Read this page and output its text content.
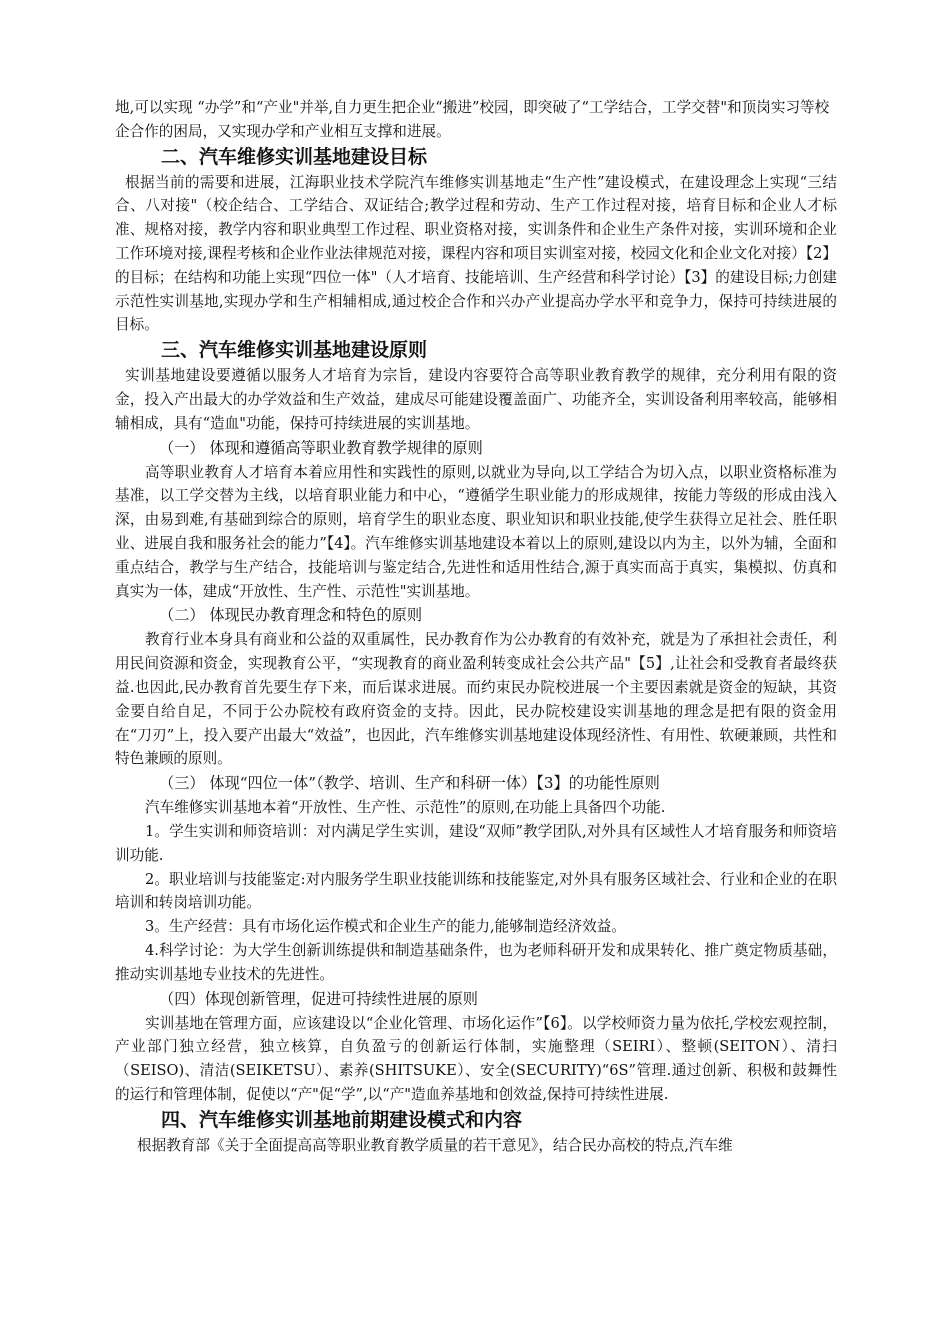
地,可以实现 “办学”和“产业"并举,自力更生把企业“搬进”校园，即突破了“工学结合，工学交替"和顶岗实习等校企合作的困局，又实现办学和产业相互支撑和进展。

二、汽车维修实训基地建设目标

根据当前的需要和进展，江海职业技术学院汽车维修实训基地走“生产性”建设模式，在建设理念上实现“三结合、八对接"（校企结合、工学结合、双证结合;教学过程和劳动、生产工作过程对接，培育目标和企业人才标准、规格对接，教学内容和职业典型工作过程、职业资格对接，实训条件和企业生产条件对接，实训环境和企业工作环境对接,课程考核和企业作业法律规范对接，课程内容和项目实训室对接，校园文化和企业文化对接）【2】的目标；在结构和功能上实现“四位一体"（人才培育、技能培训、生产经营和科学讨论）【3】的建设目标;力创建示范性实训基地,实现办学和生产相辅相成,通过校企合作和兴办产业提高办学水平和竞争力，保持可持续进展的目标。

三、汽车维修实训基地建设原则

实训基地建设要遵循以服务人才培育为宗旨，建设内容要符合高等职业教育教学的规律，充分利用有限的资金，投入产出最大的办学效益和生产效益，建成尽可能建设覆盖面广、功能齐全，实训设备利用率较高，能够相辅相成，具有“造血"功能，保持可持续进展的实训基地。

（一） 体现和遵循高等职业教育教学规律的原则

高等职业教育人才培育本着应用性和实践性的原则,以就业为导向,以工学结合为切入点，以职业资格标准为基准，以工学交替为主线，以培育职业能力和中心，“遵循学生职业能力的形成规律，按能力等级的形成由浅入深，由易到难,有基础到综合的原则，培育学生的职业态度、职业知识和职业技能,使学生获得立足社会、胜任职业、进展自我和服务社会的能力”【4】。汽车维修实训基地建设本着以上的原则,建设以内为主，以外为辅，全面和重点结合，教学与生产结合，技能培训与鉴定结合,先进性和适用性结合,源于真实而高于真实，集模拟、仿真和真实为一体，建成“开放性、生产性、示范性"实训基地。

（二） 体现民办教育理念和特色的原则

教育行业本身具有商业和公益的双重属性，民办教育作为公办教育的有效补充，就是为了承担社会责任，利用民间资源和资金，实现教育公平，“实现教育的商业盈利转变成社会公共产品"【5】,让社会和受教育者最终获益.也因此,民办教育首先要生存下来，而后谋求进展。而约束民办院校进展一个主要因素就是资金的短缺，其资金要自给自足，不同于公办院校有政府资金的支持。因此，民办院校建设实训基地的理念是把有限的资金用在“刀刃”上，投入要产出最大“效益”，也因此，汽车维修实训基地建设体现经济性、有用性、软硬兼顾，共性和特色兼顾的原则。

（三） 体现“四位一体”（教学、培训、生产和科研一体）【3】的功能性原则

汽车维修实训基地本着“开放性、生产性、示范性”的原则,在功能上具备四个功能.

1。学生实训和师资培训：对内满足学生实训，建设“双师”教学团队,对外具有区域性人才培育服务和师资培训功能.

2。职业培训与技能鉴定:对内服务学生职业技能训练和技能鉴定,对外具有服务区域社会、行业和企业的在职培训和转岗培训功能。

3。生产经营：具有市场化运作模式和企业生产的能力,能够制造经济效益。

4.科学讨论：为大学生创新训练提供和制造基础条件，也为老师科研开发和成果转化、推广奠定物质基础，推动实训基地专业技术的先进性。

（四）体现创新管理，促进可持续性进展的原则

实训基地在管理方面，应该建设以“企业化管理、市场化运作”【6】。以学校师资力量为依托,学校宏观控制，产业部门独立经营，独立核算，自负盈亏的创新运行体制，实施整理（SEIRI）、整顿(SEITON）、清扫（SEISO)、清洁(SEIKETSU）、素养(SHITSUKE）、安全(SECURITY)“6S”管理.通过创新、积极和鼓舞性的运行和管理体制，促使以“产"促“学”,以“产"造血养基地和创效益,保持可持续性进展.

四、汽车维修实训基地前期建设模式和内容

根据教育部《关于全面提高高等职业教育教学质量的若干意见》，结合民办高校的特点,汽车维
